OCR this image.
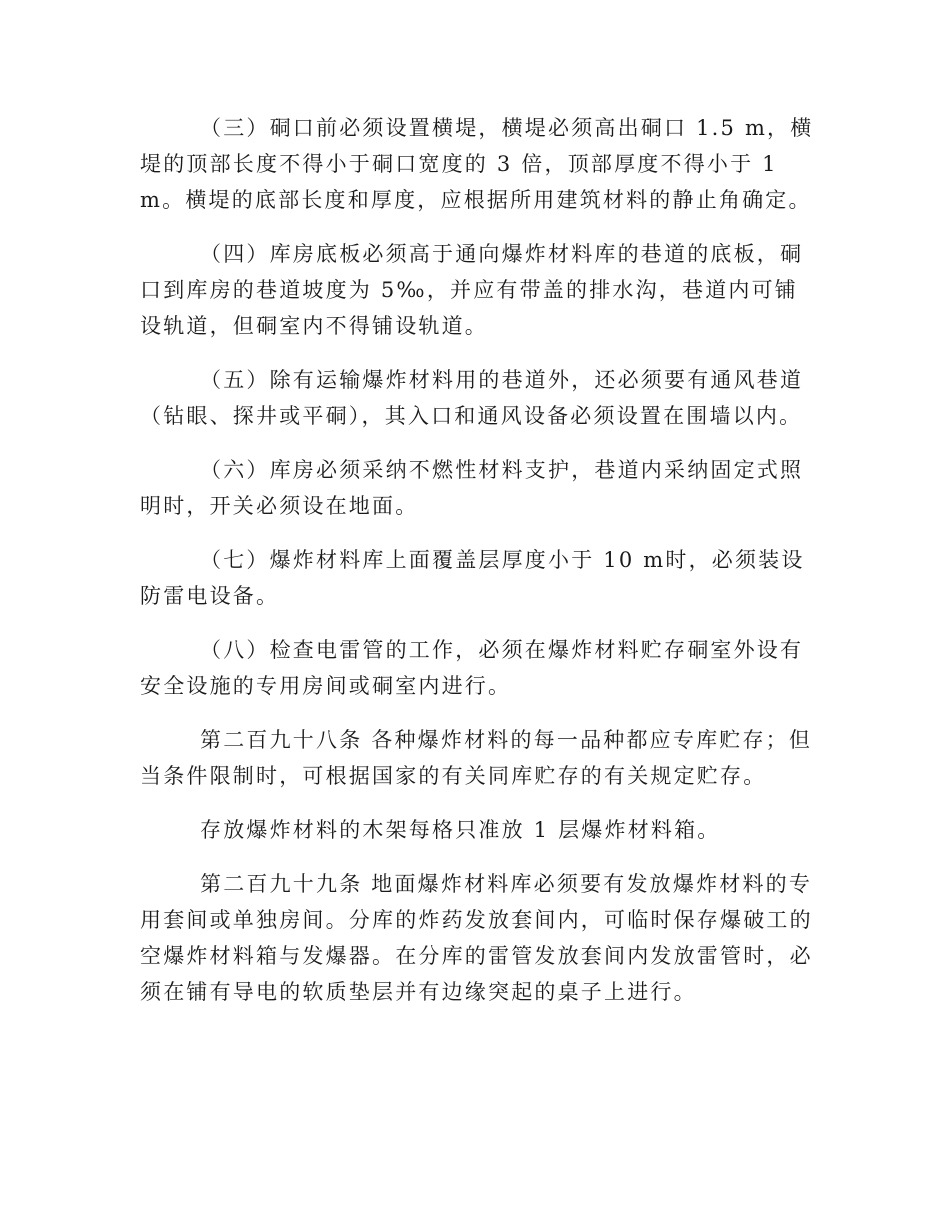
（三）硐口前必须设置横堤，横堤必须高出硐口 1.5 m，横堤的顶部长度不得小于硐口宽度的 3 倍，顶部厚度不得小于 1 m。横堤的底部长度和厚度，应根据所用建筑材料的静止角确定。

（四）库房底板必须高于通向爆炸材料库的巷道的底板，硐口到库房的巷道坡度为 5‰，并应有带盖的排水沟，巷道内可铺设轨道，但硐室内不得铺设轨道。

（五）除有运输爆炸材料用的巷道外，还必须要有通风巷道（钻眼、探井或平硐），其入口和通风设备必须设置在围墙以内。

（六）库房必须采纳不燃性材料支护，巷道内采纳固定式照明时，开关必须设在地面。

（七）爆炸材料库上面覆盖层厚度小于 10 m时，必须装设防雷电设备。

（八）检查电雷管的工作，必须在爆炸材料贮存硐室外设有安全设施的专用房间或硐室内进行。

第二百九十八条 各种爆炸材料的每一品种都应专库贮存；但当条件限制时，可根据国家的有关同库贮存的有关规定贮存。

存放爆炸材料的木架每格只准放 1 层爆炸材料箱。

第二百九十九条 地面爆炸材料库必须要有发放爆炸材料的专用套间或单独房间。分库的炸药发放套间内，可临时保存爆破工的空爆炸材料箱与发爆器。在分库的雷管发放套间内发放雷管时，必须在铺有导电的软质垫层并有边缘突起的桌子上进行。
